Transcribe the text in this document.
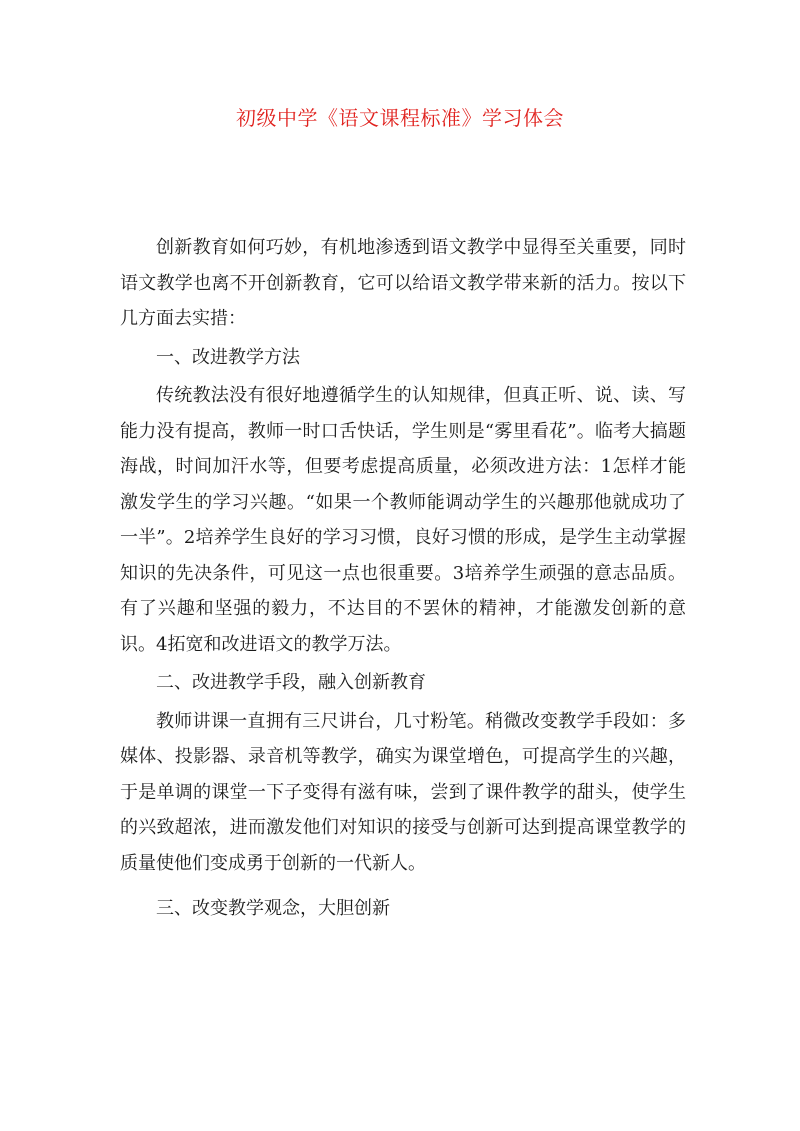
初级中学《语文课程标准》学习体会

创新教育如何巧妙，有机地渗透到语文教学中显得至关重要，同时语文教学也离不开创新教育，它可以给语文教学带来新的活力。按以下几方面去实措：

一、改进教学方法

传统教法没有很好地遵循学生的认知规律，但真正听、说、读、写能力没有提高，教师一时口舌快话，学生则是“雾里看花”。临考大搞题海战，时间加汗水等，但要考虑提高质量，必须改进方法：1怎样才能激发学生的学习兴趣。“如果一个教师能调动学生的兴趣那他就成功了一半”。2培养学生良好的学习习惯，良好习惯的形成，是学生主动掌握知识的先决条件，可见这一点也很重要。3培养学生顽强的意志品质。有了兴趣和坚强的毅力，不达目的不罢休的精神，才能激发创新的意识。4拓宽和改进语文的教学万法。

二、改进教学手段，融入创新教育

教师讲课一直拥有三尺讲台，几寸粉笔。稍微改变教学手段如：多媒体、投影器、录音机等教学，确实为课堂增色，可提高学生的兴趣，于是单调的课堂一下子变得有滋有味，尝到了课件教学的甜头，使学生的兴致超浓，进而激发他们对知识的接受与创新可达到提高课堂教学的质量使他们变成勇于创新的一代新人。

三、改变教学观念，大胆创新
